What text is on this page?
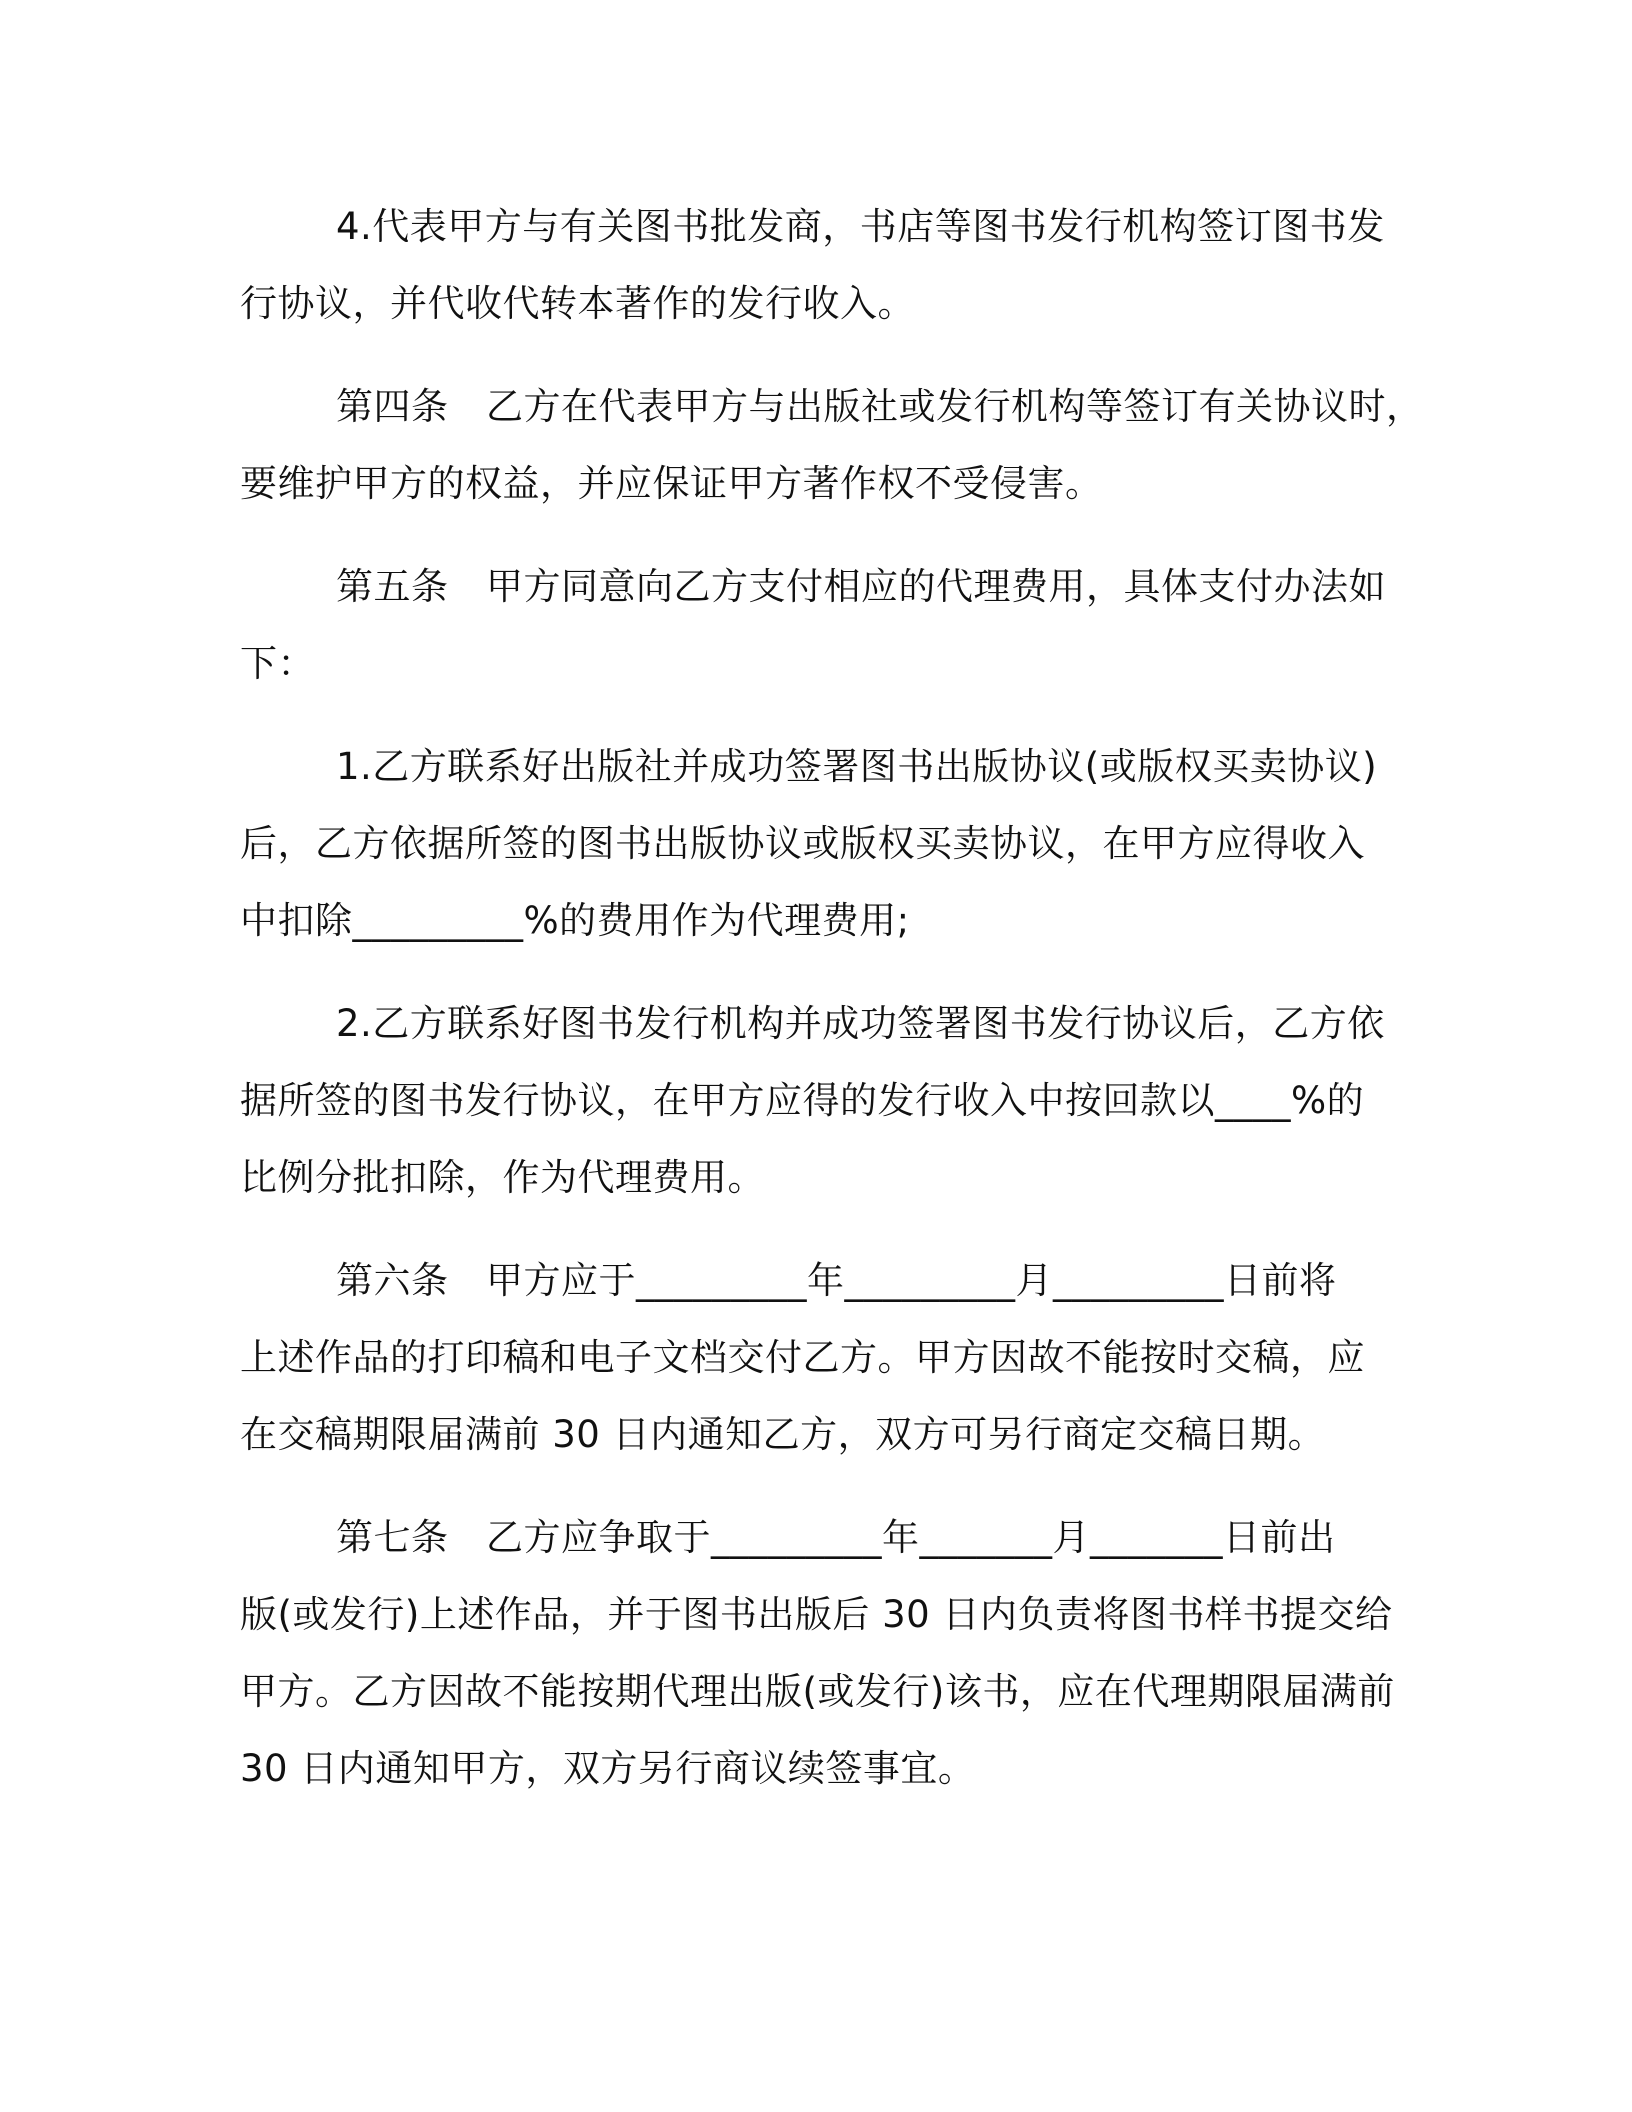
4.代表甲方与有关图书批发商，书店等图书发行机构签订图书发
行协议，并代收代转本著作的发行收入。

第四条　乙方在代表甲方与出版社或发行机构等签订有关协议时，
要维护甲方的权益，并应保证甲方著作权不受侵害。

第五条　甲方同意向乙方支付相应的代理费用，具体支付办法如
下：

1.乙方联系好出版社并成功签署图书出版协议(或版权买卖协议)
后，乙方依据所签的图书出版协议或版权买卖协议，在甲方应得收入
中扣除_________%的费用作为代理费用;

2.乙方联系好图书发行机构并成功签署图书发行协议后，乙方依
据所签的图书发行协议，在甲方应得的发行收入中按回款以____%的
比例分批扣除，作为代理费用。

第六条　甲方应于_________年_________月_________日前将
上述作品的打印稿和电子文档交付乙方。甲方因故不能按时交稿，应
在交稿期限届满前 30 日内通知乙方，双方可另行商定交稿日期。

第七条　乙方应争取于_________年_______月_______日前出
版(或发行)上述作品，并于图书出版后 30 日内负责将图书样书提交给
甲方。乙方因故不能按期代理出版(或发行)该书，应在代理期限届满前
30 日内通知甲方，双方另行商议续签事宜。
